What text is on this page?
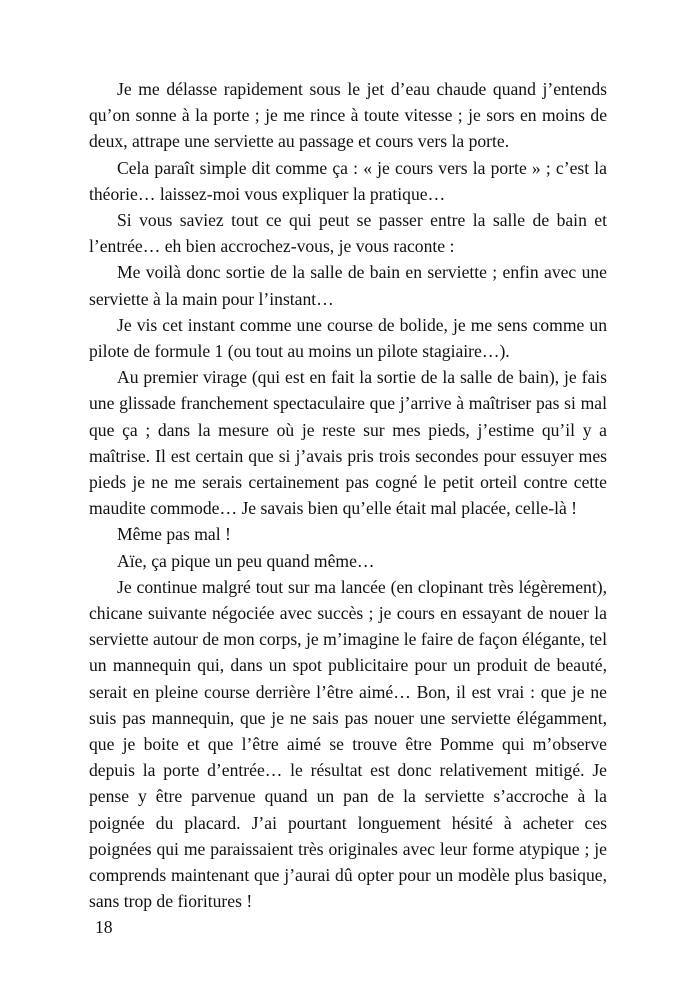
Je me délasse rapidement sous le jet d’eau chaude quand j’entends qu’on sonne à la porte ; je me rince à toute vitesse ; je sors en moins de deux, attrape une serviette au passage et cours vers la porte.

Cela paraît simple dit comme ça : « je cours vers la porte » ; c’est la théorie… laissez-moi vous expliquer la pratique…

Si vous saviez tout ce qui peut se passer entre la salle de bain et l’entrée… eh bien accrochez-vous, je vous raconte :

Me voilà donc sortie de la salle de bain en serviette ; enfin avec une serviette à la main pour l’instant…

Je vis cet instant comme une course de bolide, je me sens comme un pilote de formule 1 (ou tout au moins un pilote stagiaire…).

Au premier virage (qui est en fait la sortie de la salle de bain), je fais une glissade franchement spectaculaire que j’arrive à maîtriser pas si mal que ça ; dans la mesure où je reste sur mes pieds, j’estime qu’il y a maîtrise. Il est certain que si j’avais pris trois secondes pour essuyer mes pieds je ne me serais certainement pas cogné le petit orteil contre cette maudite commode… Je savais bien qu’elle était mal placée, celle-là !

Même pas mal !

Aïe, ça pique un peu quand même…

Je continue malgré tout sur ma lancée (en clopinant très légèrement), chicane suivante négociée avec succès ; je cours en essayant de nouer la serviette autour de mon corps, je m’imagine le faire de façon élégante, tel un mannequin qui, dans un spot publicitaire pour un produit de beauté, serait en pleine course derrière l’être aimé… Bon, il est vrai : que je ne suis pas mannequin, que je ne sais pas nouer une serviette élégamment, que je boite et que l’être aimé se trouve être Pomme qui m’observe depuis la porte d’entrée… le résultat est donc relativement mitigé. Je pense y être parvenue quand un pan de la serviette s’accroche à la poignée du placard. J’ai pourtant longuement hésité à acheter ces poignées qui me paraissaient très originales avec leur forme atypique ; je comprends maintenant que j’aurai dû opter pour un modèle plus basique, sans trop de fioritures !

18
